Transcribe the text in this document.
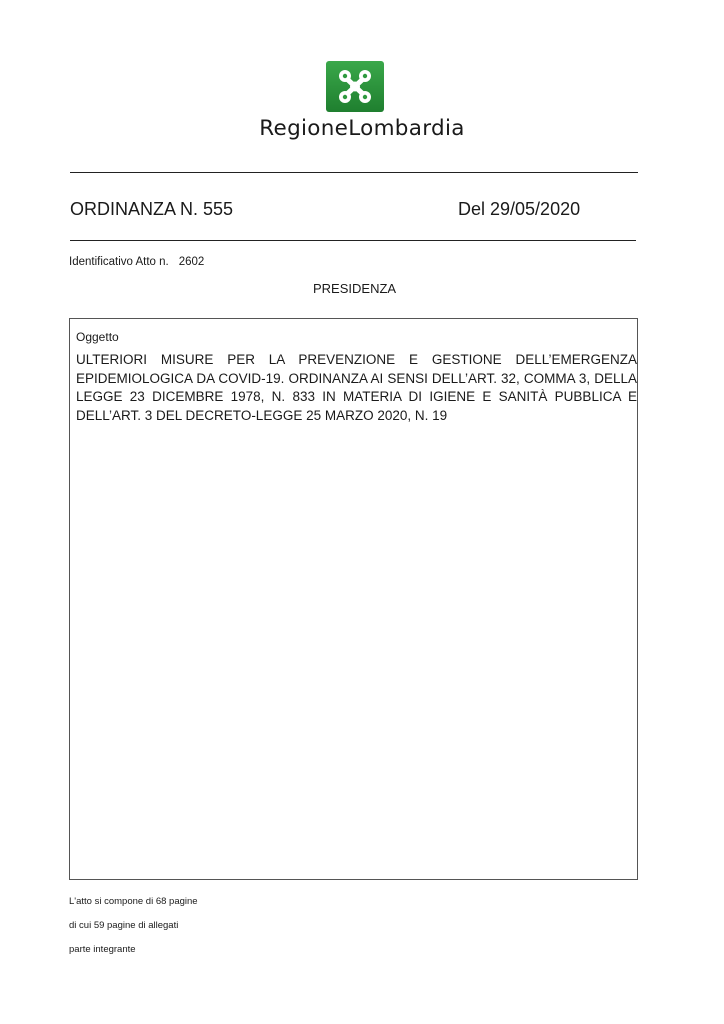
RegioneLombardia
ORDINANZA N. 555	Del 29/05/2020
Identificativo Atto n. 2602
PRESIDENZA
Oggetto
ULTERIORI MISURE PER LA PREVENZIONE E GESTIONE DELL’EMERGENZA EPIDEMIOLOGICA DA COVID-19. ORDINANZA AI SENSI DELL’ART. 32, COMMA 3, DELLA LEGGE 23 DICEMBRE 1978, N. 833 IN MATERIA DI IGIENE E SANITÀ PUBBLICA E DELL’ART. 3 DEL DECRETO-LEGGE 25 MARZO 2020, N. 19
L'atto si compone di 68 pagine
di cui 59 pagine di allegati
parte integrante
